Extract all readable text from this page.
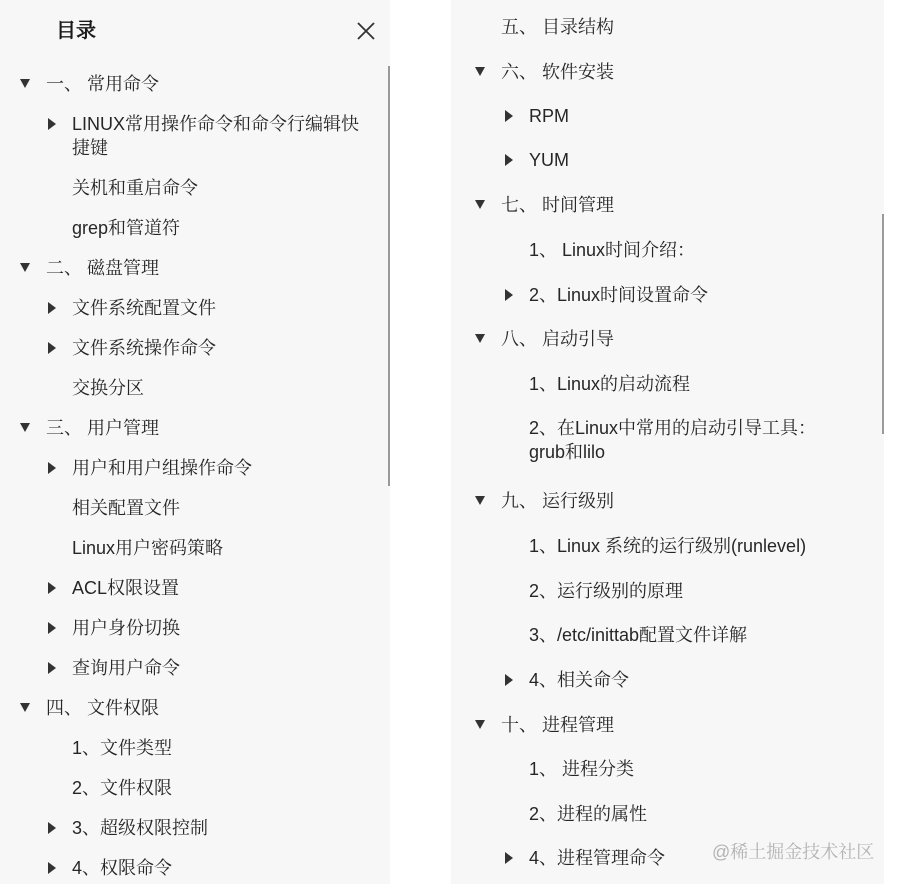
目录
一、 常用命令
LINUX常用操作命令和命令行编辑快捷键
关机和重启命令
grep和管道符
二、 磁盘管理
文件系统配置文件
文件系统操作命令
交换分区
三、 用户管理
用户和用户组操作命令
相关配置文件
Linux用户密码策略
ACL权限设置
用户身份切换
查询用户命令
四、 文件权限
1、文件类型
2、文件权限
3、超级权限控制
4、权限命令
五、 目录结构
六、 软件安装
RPM
YUM
七、 时间管理
1、 Linux时间介绍：
2、Linux时间设置命令
八、 启动引导
1、Linux的启动流程
2、在Linux中常用的启动引导工具：grub和lilo
九、 运行级别
1、Linux 系统的运行级别(runlevel)
2、运行级别的原理
3、/etc/inittab配置文件详解
4、相关命令
十、 进程管理
1、 进程分类
2、进程的属性
4、进程管理命令	@稀土掘金技术社区
